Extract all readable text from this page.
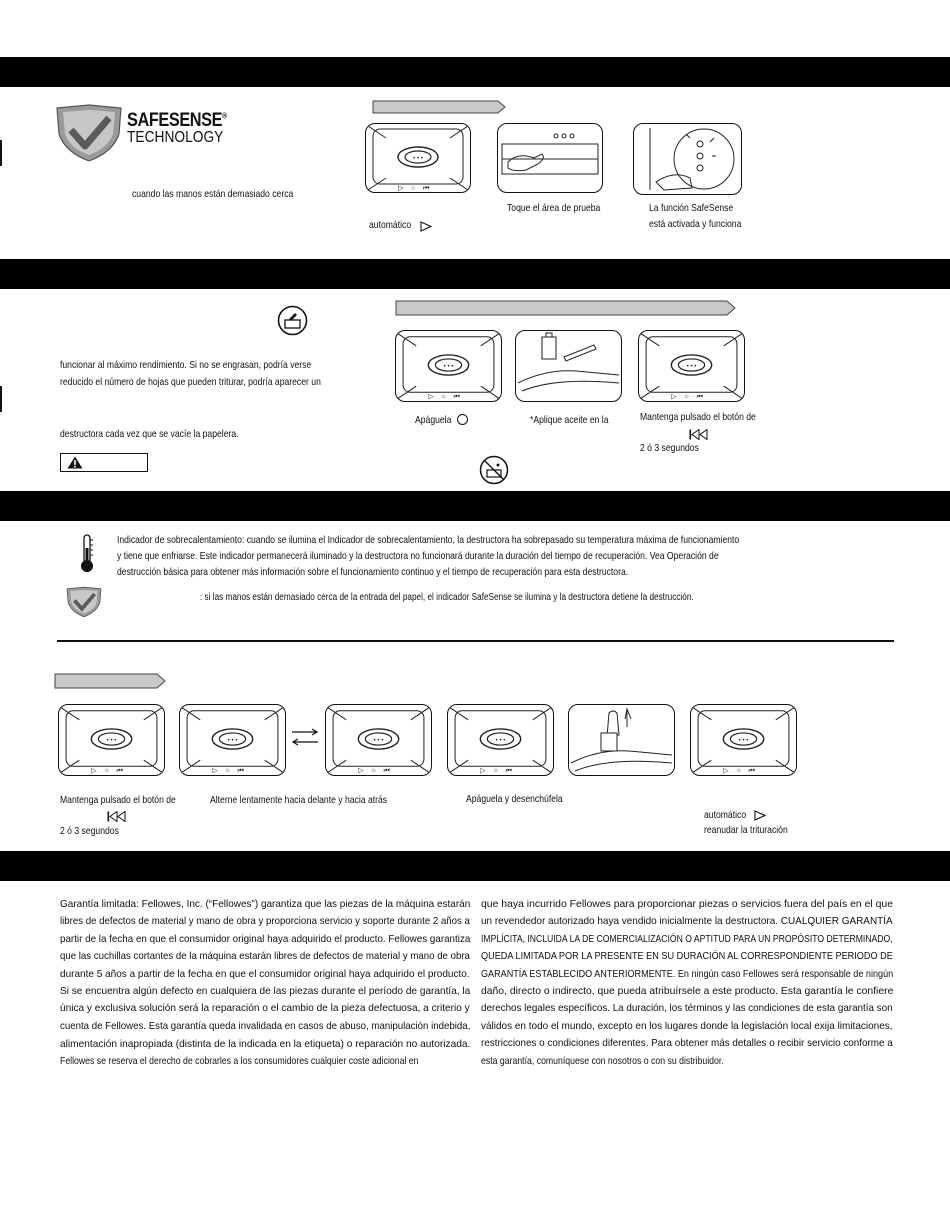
SAFESENSE®
TECHNOLOGY
cuando las manos están demasiado cerca
automático
• • •
▷    ○    ⏮
Toque el área de prueba	La función SafeSense
está activada y funciona
funcionar al máximo rendimiento. Si no se engrasan, podría verse
reducido el número de hojas que pueden triturar, podría aparecer un
destructora cada vez que se vacíe la papelera.
• • •
▷    ○    ⏮
• • •
▷    ○    ⏮
Apáguela	*Aplique aceite en la	Mantenga pulsado el botón de
2 ó 3 segundos
Indicador de sobrecalentamiento: cuando se ilumina el Indicador de sobrecalentamiento, la destructora ha sobrepasado su temperatura máxima de funcionamiento
y tiene que enfriarse. Este indicador permanecerá iluminado y la destructora no funcionará durante la duración del tiempo de recuperación. Vea Operación de
destrucción básica para obtener más información sobre el funcionamiento continuo y el tiempo de recuperación para esta destructora.
: si las manos están demasiado cerca de la entrada del papel, el indicador SafeSense se ilumina y la destructora detiene la destrucción.
• • •
▷    ○    ⏮
• • •
▷    ○    ⏮
• • •
▷    ○    ⏮
• • •
▷    ○    ⏮
• • •
▷    ○    ⏮
Mantenga pulsado el botón de
2 ó 3 segundos
Alterne lentamente hacia delante y hacia atrás	Apáguela y desenchúfela
automático
reanudar la trituración
Garantía limitada: Fellowes, Inc. (“Fellowes”) garantiza que las piezas de la máquina estarán
libres de defectos de material y mano de obra y proporciona servicio y soporte durante 2 años a
partir de la fecha en que el consumidor original haya adquirido el producto. Fellowes garantiza
que las cuchillas cortantes de la máquina estarán libres de defectos de material y mano de obra
durante 5 años a partir de la fecha en que el consumidor original haya adquirido el producto.
Si se encuentra algún defecto en cualquiera de las piezas durante el período de garantía, la
única y exclusiva solución será la reparación o el cambio de la pieza defectuosa, a criterio y
cuenta de Fellowes. Esta garantía queda invalidada en casos de abuso, manipulación indebida,
alimentación inapropiada (distinta de la indicada en la etiqueta) o reparación no autorizada.
Fellowes se reserva el derecho de cobrarles a los consumidores cualquier coste adicional en
que haya incurrido Fellowes para proporcionar piezas o servicios fuera del país en el que
un revendedor autorizado haya vendido inicialmente la destructora. CUALQUIER GARANTÍA
IMPLÍCITA, INCLUIDA LA DE COMERCIALIZACIÓN O APTITUD PARA UN PROPÓSITO DETERMINADO,
QUEDA LIMITADA POR LA PRESENTE EN SU DURACIÓN AL CORRESPONDIENTE PERIODO DE
GARANTÍA ESTABLECIDO ANTERIORMENTE. En ningún caso Fellowes será responsable de ningún
daño, directo o indirecto, que pueda atribuírsele a este producto. Esta garantía le confiere
derechos legales específicos. La duración, los términos y las condiciones de esta garantía son
válidos en todo el mundo, excepto en los lugares donde la legislación local exija limitaciones,
restricciones o condiciones diferentes. Para obtener más detalles o recibir servicio conforme a
esta garantía, comuníquese con nosotros o con su distribuidor.
